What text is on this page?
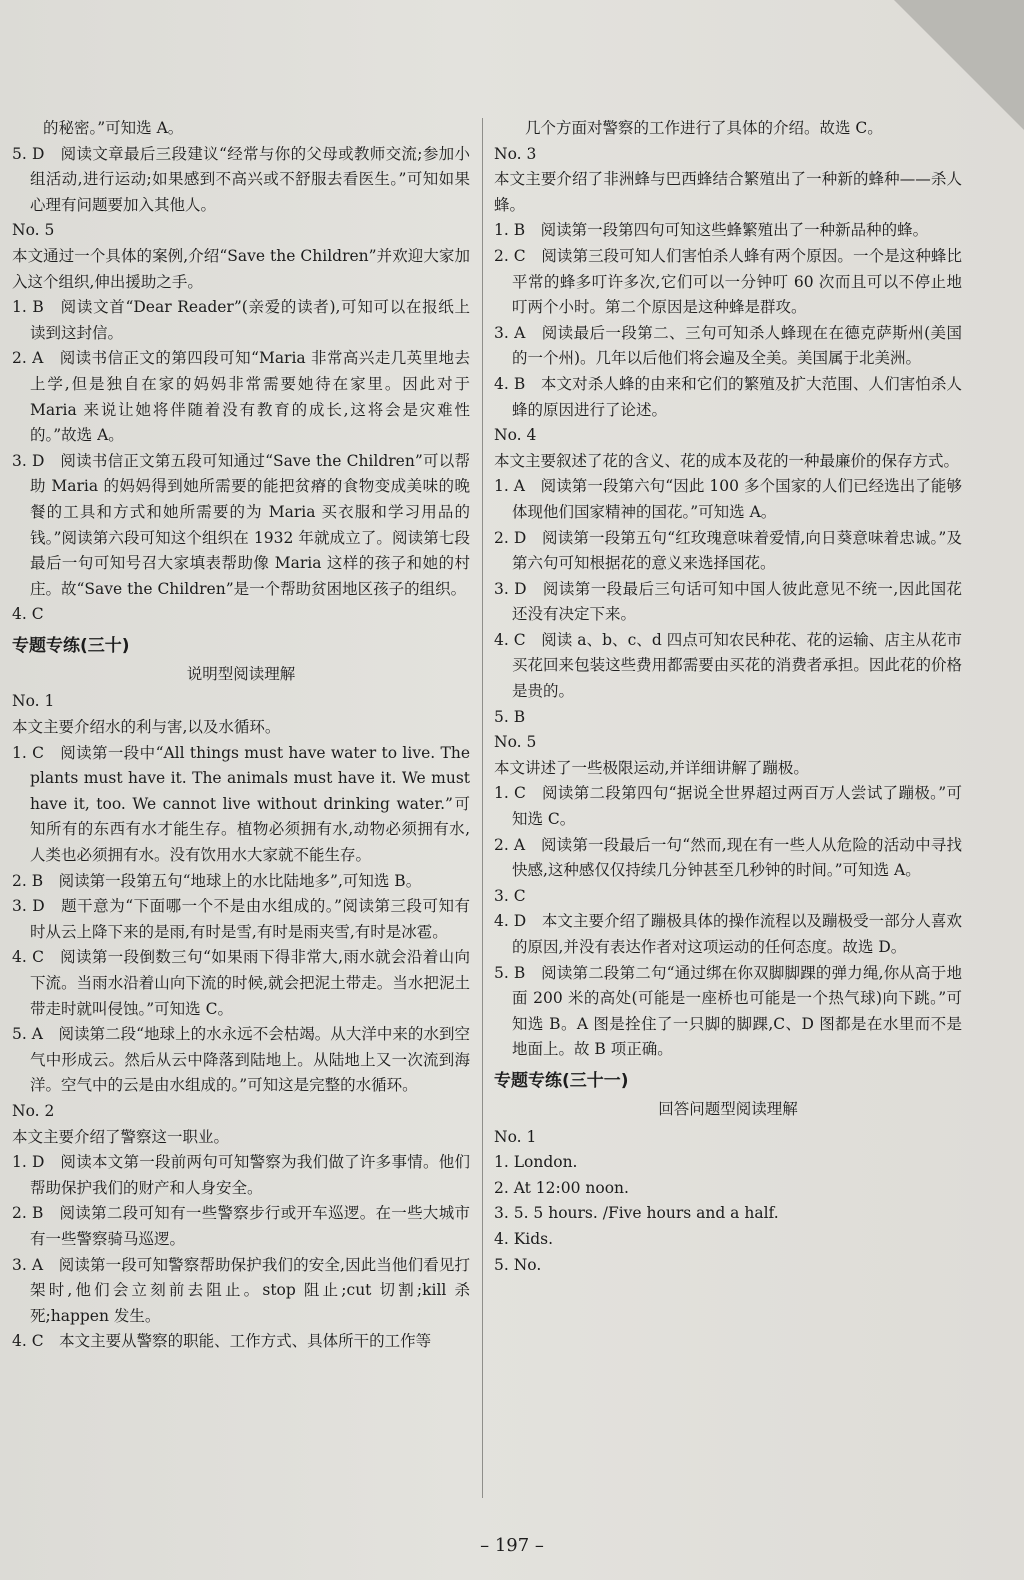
的秘密。”可知选 A。

5. D　阅读文章最后三段建议“经常与你的父母或教师交流;参加小组活动,进行运动;如果感到不高兴或不舒服去看医生。”可知如果心理有问题要加入其他人。

No. 5

本文通过一个具体的案例,介绍“Save the Children”并欢迎大家加入这个组织,伸出援助之手。

1. B　阅读文首“Dear Reader”(亲爱的读者),可知可以在报纸上读到这封信。

2. A　阅读书信正文的第四段可知“Maria 非常高兴走几英里地去上学,但是独自在家的妈妈非常需要她待在家里。因此对于 Maria 来说让她将伴随着没有教育的成长,这将会是灾难性的。”故选 A。

3. D　阅读书信正文第五段可知通过“Save the Children”可以帮助 Maria 的妈妈得到她所需要的能把贫瘠的食物变成美味的晚餐的工具和方式和她所需要的为 Maria 买衣服和学习用品的钱。”阅读第六段可知这个组织在 1932 年就成立了。阅读第七段最后一句可知号召大家填表帮助像 Maria 这样的孩子和她的村庄。故“Save the Children”是一个帮助贫困地区孩子的组织。

4. C

专题专练(三十)

说明型阅读理解

No. 1

本文主要介绍水的利与害,以及水循环。

1. C　阅读第一段中“All things must have water to live. The plants must have it. The animals must have it. We must have it, too. We cannot live without drinking water.”可知所有的东西有水才能生存。植物必须拥有水,动物必须拥有水,人类也必须拥有水。没有饮用水大家就不能生存。

2. B　阅读第一段第五句“地球上的水比陆地多”,可知选 B。

3. D　题干意为“下面哪一个不是由水组成的。”阅读第三段可知有时从云上降下来的是雨,有时是雪,有时是雨夹雪,有时是冰雹。

4. C　阅读第一段倒数三句“如果雨下得非常大,雨水就会沿着山向下流。当雨水沿着山向下流的时候,就会把泥土带走。当水把泥土带走时就叫侵蚀。”可知选 C。

5. A　阅读第二段“地球上的水永远不会枯竭。从大洋中来的水到空气中形成云。然后从云中降落到陆地上。从陆地上又一次流到海洋。空气中的云是由水组成的。”可知这是完整的水循环。

No. 2

本文主要介绍了警察这一职业。

1. D　阅读本文第一段前两句可知警察为我们做了许多事情。他们帮助保护我们的财产和人身安全。

2. B　阅读第二段可知有一些警察步行或开车巡逻。在一些大城市有一些警察骑马巡逻。

3. A　阅读第一段可知警察帮助保护我们的安全,因此当他们看见打架时,他们会立刻前去阻止。stop 阻止;cut 切割;kill 杀死;happen 发生。

4. C　本文主要从警察的职能、工作方式、具体所干的工作等

几个方面对警察的工作进行了具体的介绍。故选 C。

No. 3

本文主要介绍了非洲蜂与巴西蜂结合繁殖出了一种新的蜂种——杀人蜂。

1. B　阅读第一段第四句可知这些蜂繁殖出了一种新品种的蜂。

2. C　阅读第三段可知人们害怕杀人蜂有两个原因。一个是这种蜂比平常的蜂多叮许多次,它们可以一分钟叮 60 次而且可以不停止地叮两个小时。第二个原因是这种蜂是群攻。

3. A　阅读最后一段第二、三句可知杀人蜂现在在德克萨斯州(美国的一个州)。几年以后他们将会遍及全美。美国属于北美洲。

4. B　本文对杀人蜂的由来和它们的繁殖及扩大范围、人们害怕杀人蜂的原因进行了论述。

No. 4

本文主要叙述了花的含义、花的成本及花的一种最廉价的保存方式。

1. A　阅读第一段第六句“因此 100 多个国家的人们已经选出了能够体现他们国家精神的国花。”可知选 A。

2. D　阅读第一段第五句“红玫瑰意味着爱情,向日葵意味着忠诚。”及第六句可知根据花的意义来选择国花。

3. D　阅读第一段最后三句话可知中国人彼此意见不统一,因此国花还没有决定下来。

4. C　阅读 a、b、c、d 四点可知农民种花、花的运输、店主从花市买花回来包装这些费用都需要由买花的消费者承担。因此花的价格是贵的。

5. B

No. 5

本文讲述了一些极限运动,并详细讲解了蹦极。

1. C　阅读第二段第四句“据说全世界超过两百万人尝试了蹦极。”可知选 C。

2. A　阅读第一段最后一句“然而,现在有一些人从危险的活动中寻找快感,这种感仅仅持续几分钟甚至几秒钟的时间。”可知选 A。

3. C

4. D　本文主要介绍了蹦极具体的操作流程以及蹦极受一部分人喜欢的原因,并没有表达作者对这项运动的任何态度。故选 D。

5. B　阅读第二段第二句“通过绑在你双脚脚踝的弹力绳,你从高于地面 200 米的高处(可能是一座桥也可能是一个热气球)向下跳。”可知选 B。A 图是拴住了一只脚的脚踝,C、D 图都是在水里而不是地面上。故 B 项正确。

专题专练(三十一)

回答问题型阅读理解

No. 1

1. London.

2. At 12:00 noon.

3. 5. 5 hours. /Five hours and a half.

4. Kids.

5. No.

– 197 –
